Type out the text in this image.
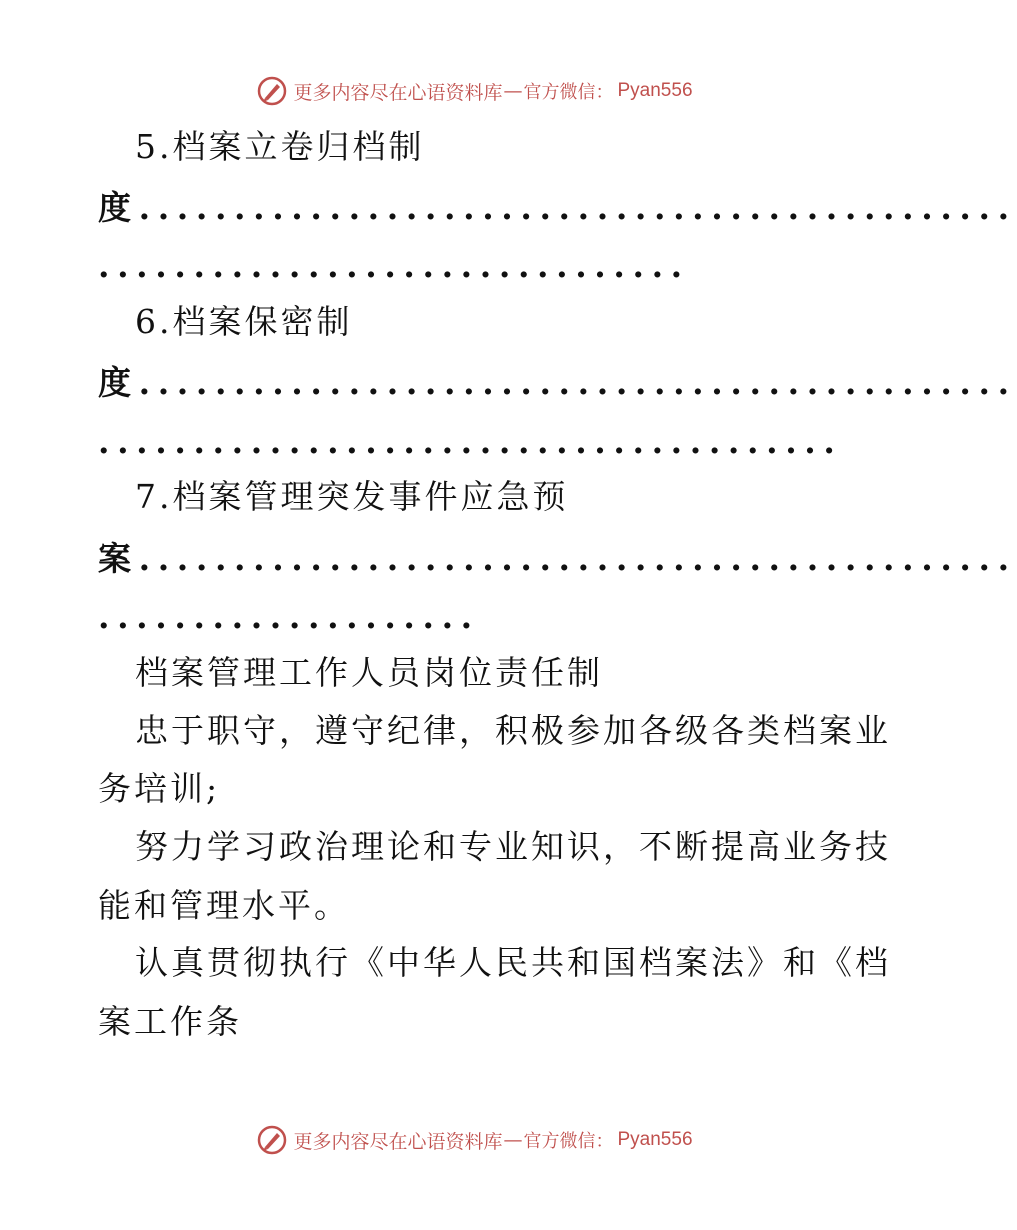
更多内容尽在心语资料库 — 官方微信： Pyan556
5.档案立卷归档制
度..............................................
...............................
6.档案保密制
度..............................................
.......................................
7.档案管理突发事件应急预
案..............................................
....................
档案管理工作人员岗位责任制
忠于职守，遵守纪律，积极参加各级各类档案业
务培训;
努力学习政治理论和专业知识，不断提高业务技
能和管理水平。
认真贯彻执行《中华人民共和国档案法》和《档
案工作条
更多内容尽在心语资料库 — 官方微信： Pyan556
